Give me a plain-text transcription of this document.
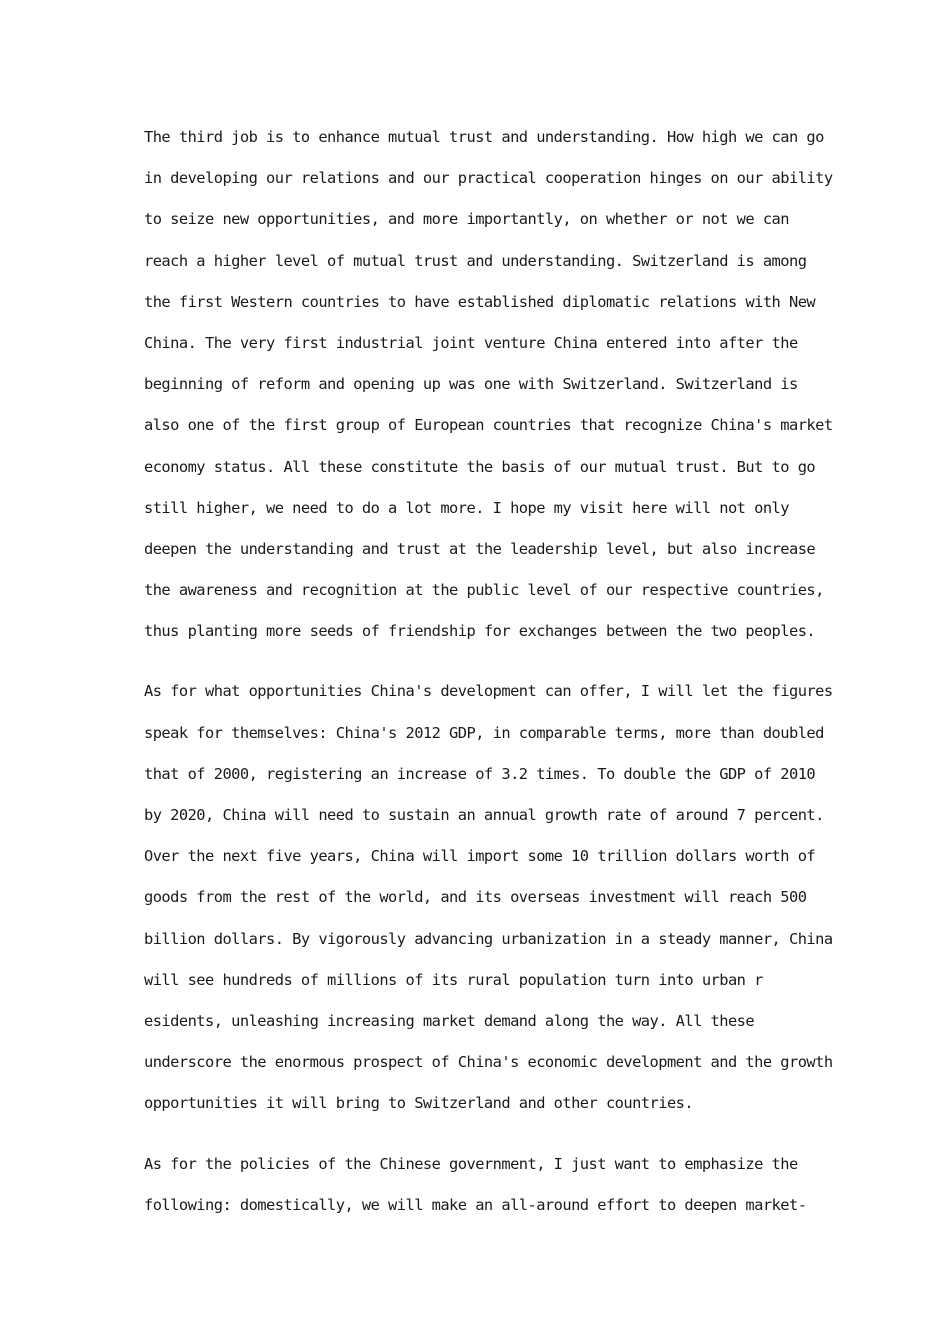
The third job is to enhance mutual trust and understanding. How high we can go
in developing our relations and our practical cooperation hinges on our ability
to seize new opportunities, and more importantly, on whether or not we can
reach a higher level of mutual trust and understanding. Switzerland is among
the first Western countries to have established diplomatic relations with New
China. The very first industrial joint venture China entered into after the
beginning of reform and opening up was one with Switzerland. Switzerland is
also one of the first group of European countries that recognize China's market
economy status. All these constitute the basis of our mutual trust. But to go
still higher, we need to do a lot more. I hope my visit here will not only
deepen the understanding and trust at the leadership level, but also increase
the awareness and recognition at the public level of our respective countries,
thus planting more seeds of friendship for exchanges between the two peoples.
As for what opportunities China's development can offer, I will let the figures
speak for themselves: China's 2012 GDP, in comparable terms, more than doubled
that of 2000, registering an increase of 3.2 times. To double the GDP of 2010
by 2020, China will need to sustain an annual growth rate of around 7 percent.
Over the next five years, China will import some 10 trillion dollars worth of
goods from the rest of the world, and its overseas investment will reach 500
billion dollars. By vigorously advancing urbanization in a steady manner, China
will see hundreds of millions of its rural population turn into urban r
esidents, unleashing increasing market demand along the way. All these
underscore the enormous prospect of China's economic development and the growth
opportunities it will bring to Switzerland and other countries.
As for the policies of the Chinese government, I just want to emphasize the
following: domestically, we will make an all-around effort to deepen market-
